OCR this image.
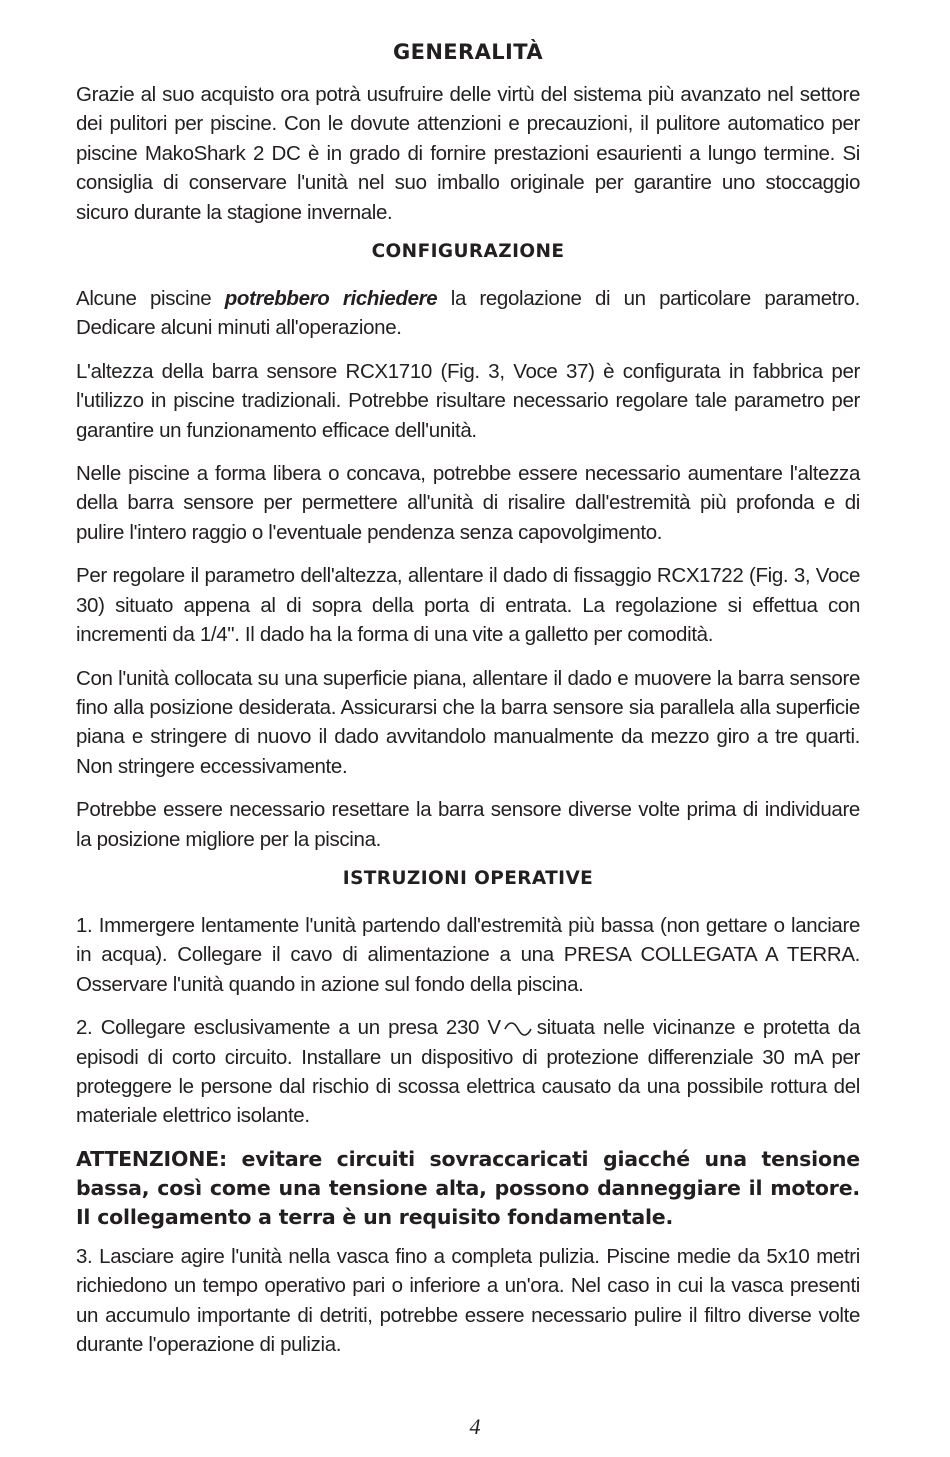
GENERALITÀ

Grazie al suo acquisto ora potrà usufruire delle virtù del sistema più avanzato nel settore dei pulitori per piscine. Con le dovute attenzioni e precauzioni, il pulitore automatico per piscine MakoShark 2 DC è in grado di fornire prestazioni esaurienti a lungo termine. Si consiglia di conservare l'unità nel suo imballo originale per garantire uno stoccaggio sicuro durante la stagione invernale.

CONFIGURAZIONE

Alcune piscine potrebbero richiedere la regolazione di un particolare parametro. Dedicare alcuni minuti all'operazione.

L'altezza della barra sensore RCX1710 (Fig. 3, Voce 37) è configurata in fabbrica per l'utilizzo in piscine tradizionali. Potrebbe risultare necessario regolare tale parametro per garantire un funzionamento efficace dell'unità.

Nelle piscine a forma libera o concava, potrebbe essere necessario aumentare l'altezza della barra sensore per permettere all'unità di risalire dall'estremità più profonda e di pulire l'intero raggio o l'eventuale pendenza senza capovolgimento.

Per regolare il parametro dell'altezza, allentare il dado di fissaggio RCX1722 (Fig. 3, Voce 30) situato appena al di sopra della porta di entrata. La regolazione si effettua con incrementi da 1/4". Il dado ha la forma di una vite a galletto per comodità.

Con l'unità collocata su una superficie piana, allentare il dado e muovere la barra sensore fino alla posizione desiderata. Assicurarsi che la barra sensore sia parallela alla superficie piana e stringere di nuovo il dado avvitandolo manualmente da mezzo giro a tre quarti. Non stringere eccessivamente.

Potrebbe essere necessario resettare la barra sensore diverse volte prima di individuare la posizione migliore per la piscina.

ISTRUZIONI OPERATIVE

1. Immergere lentamente l'unità partendo dall'estremità più bassa (non gettare o lanciare in acqua). Collegare il cavo di alimentazione a una PRESA COLLEGATA A TERRA. Osservare l'unità quando in azione sul fondo della piscina.

2. Collegare esclusivamente a un presa 230 V situata nelle vicinanze e protetta da episodi di corto circuito. Installare un dispositivo di protezione differenziale 30 mA per proteggere le persone dal rischio di scossa elettrica causato da una possibile rottura del materiale elettrico isolante.

ATTENZIONE: evitare circuiti sovraccaricati giacché una tensione bassa, così come una tensione alta, possono danneggiare il motore. Il collegamento a terra è un requisito fondamentale.

3. Lasciare agire l'unità nella vasca fino a completa pulizia. Piscine medie da 5x10 metri richiedono un tempo operativo pari o inferiore a un'ora. Nel caso in cui la vasca presenti un accumulo importante di detriti, potrebbe essere necessario pulire il filtro diverse volte durante l'operazione di pulizia.

4
